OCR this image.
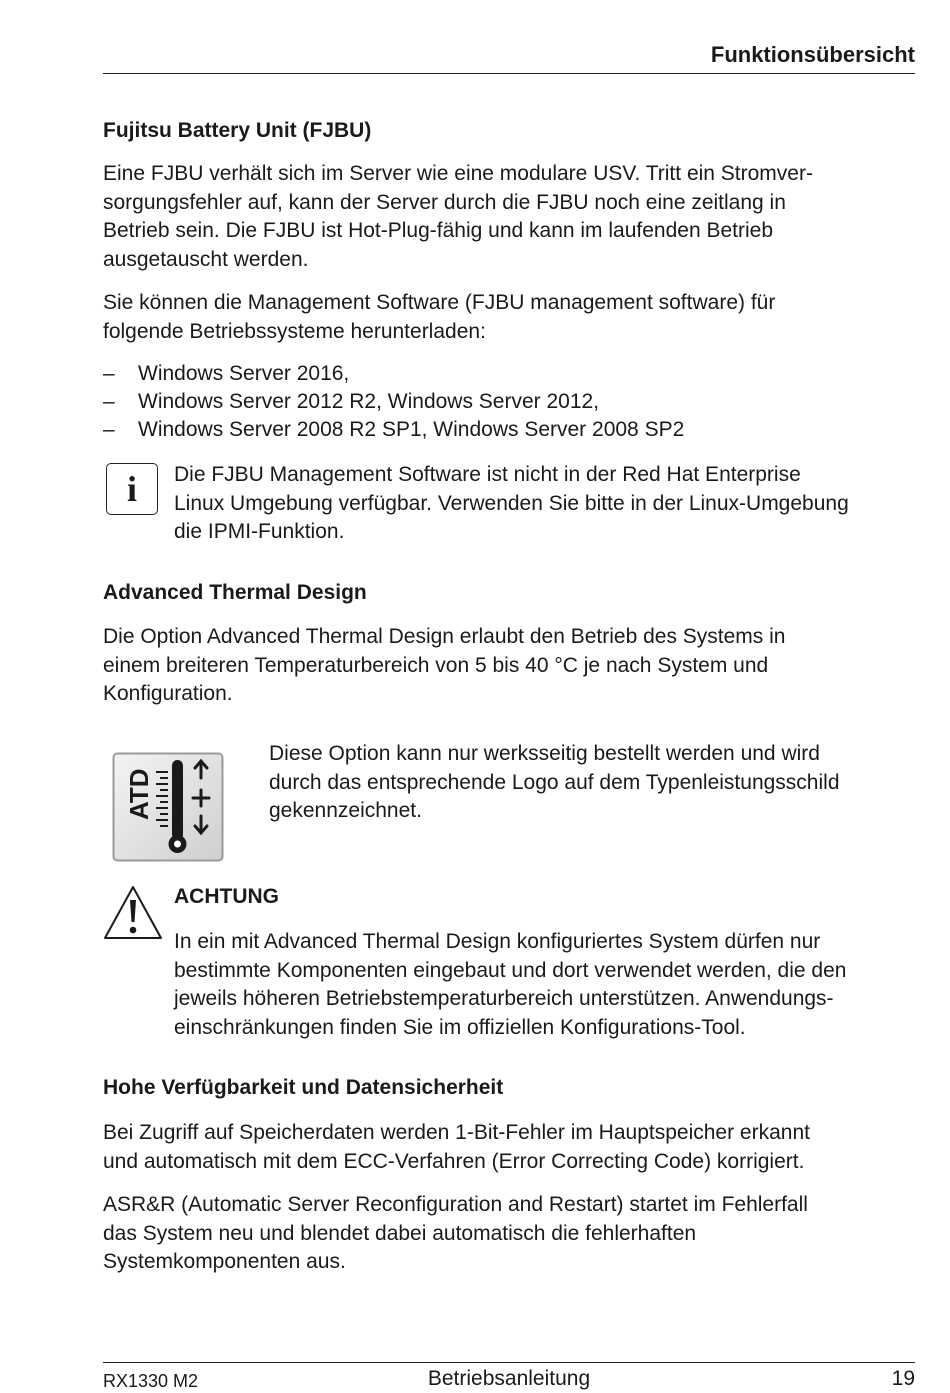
Funktionsübersicht
Fujitsu Battery Unit (FJBU)
Eine FJBU verhält sich im Server wie eine modulare USV. Tritt ein Stromver-
sorgungsfehler auf, kann der Server durch die FJBU noch eine zeitlang in
Betrieb sein. Die FJBU ist Hot-Plug-fähig und kann im laufenden Betrieb
ausgetauscht werden.
Sie können die Management Software (FJBU management software) für
folgende Betriebssysteme herunterladen:
– Windows Server 2016,
– Windows Server 2012 R2, Windows Server 2012,
– Windows Server 2008 R2 SP1, Windows Server 2008 SP2
i	Die FJBU Management Software ist nicht in der Red Hat Enterprise
Linux Umgebung verfügbar. Verwenden Sie bitte in der Linux-Umgebung
die IPMI-Funktion.
Advanced Thermal Design
Die Option Advanced Thermal Design erlaubt den Betrieb des Systems in
einem breiteren Temperaturbereich von 5 bis 40 °C je nach System und
Konfiguration.
ATD
Diese Option kann nur werksseitig bestellt werden und wird
durch das entsprechende Logo auf dem Typenleistungsschild
gekennzeichnet.
ACHTUNG
In ein mit Advanced Thermal Design konfiguriertes System dürfen nur
bestimmte Komponenten eingebaut und dort verwendet werden, die den
jeweils höheren Betriebstemperaturbereich unterstützen. Anwendungs-
einschränkungen finden Sie im offiziellen Konfigurations-Tool.
Hohe Verfügbarkeit und Datensicherheit
Bei Zugriff auf Speicherdaten werden 1-Bit-Fehler im Hauptspeicher erkannt
und automatisch mit dem ECC-Verfahren (Error Correcting Code) korrigiert.
ASR&R (Automatic Server Reconfiguration and Restart) startet im Fehlerfall
das System neu und blendet dabei automatisch die fehlerhaften
Systemkomponenten aus.
RX1330 M2	Betriebsanleitung	19
